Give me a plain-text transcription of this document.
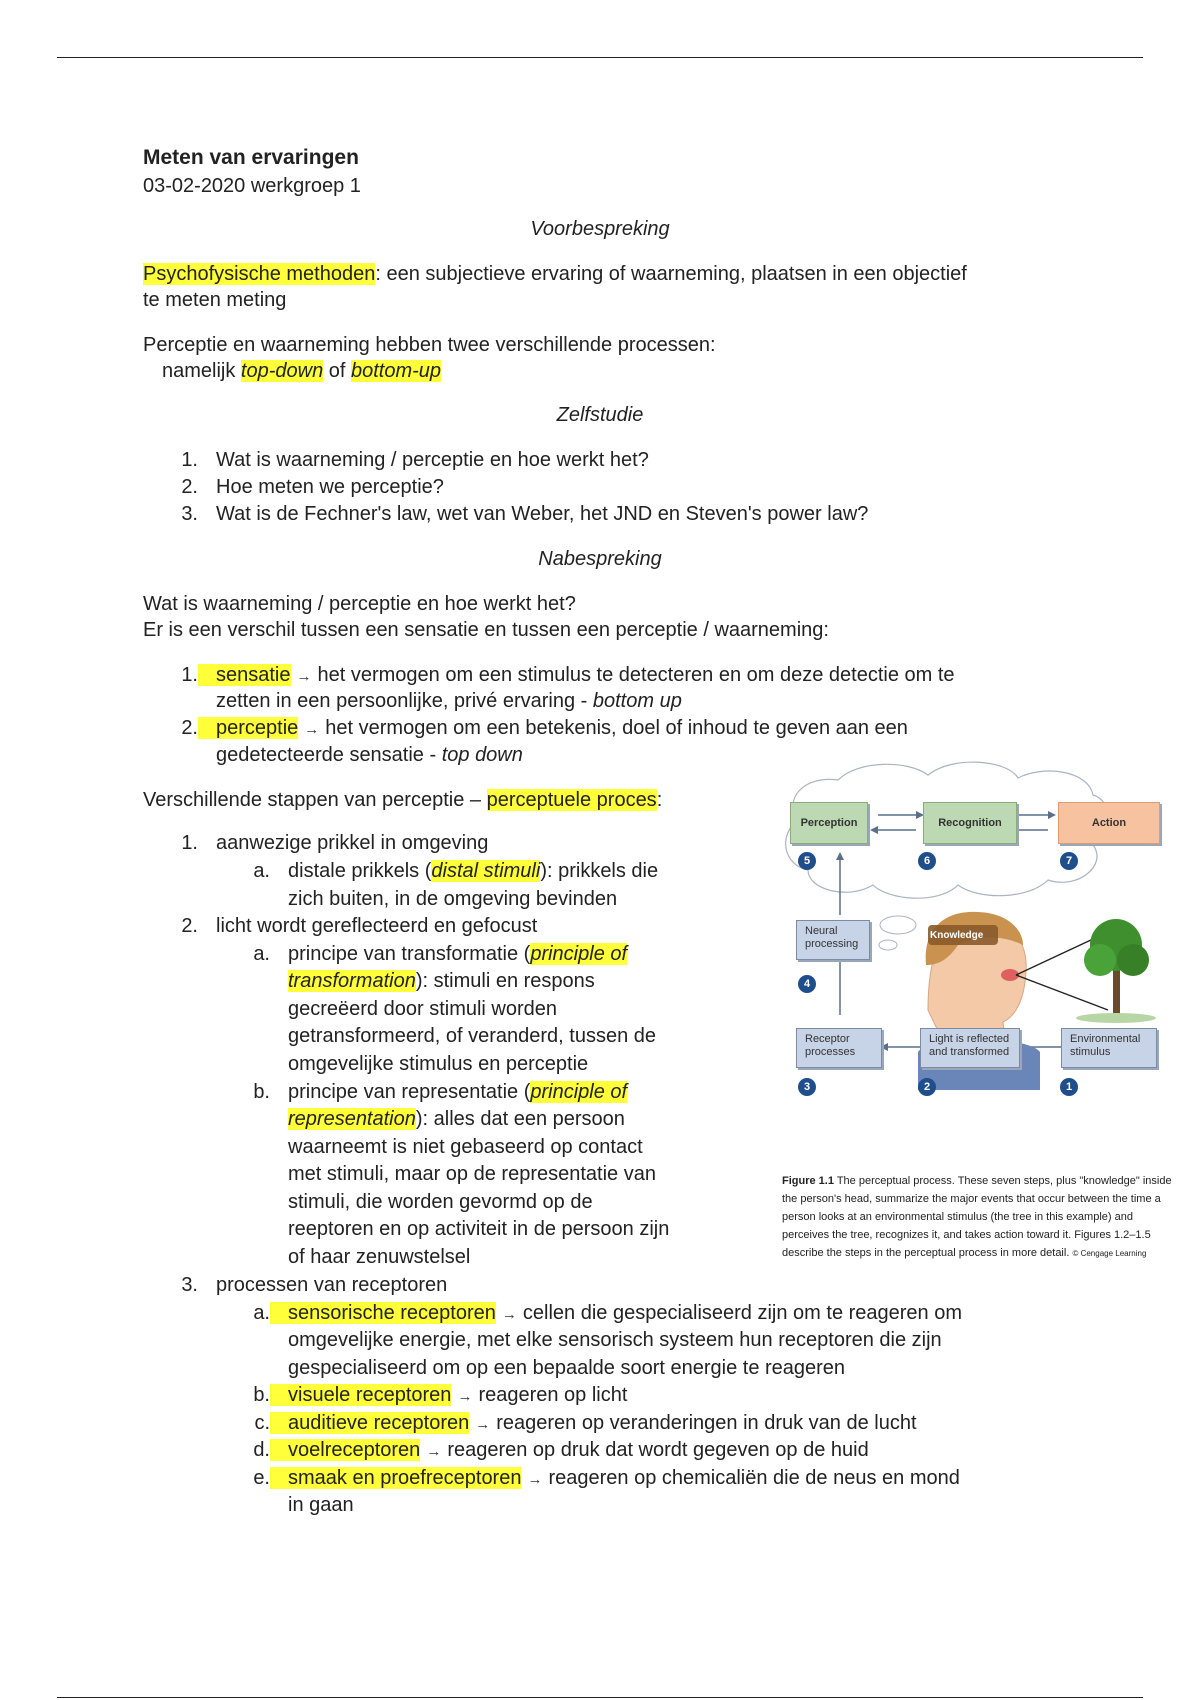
Meten van ervaringen

03-02-2020 werkgroep 1

Voorbespreking

Psychofysische methoden: een subjectieve ervaring of waarneming, plaatsen in een objectief

te meten meting

Perceptie en waarneming hebben twee verschillende processen:

namelijk top-down of bottom-up

Zelfstudie

1. Wat is waarneming / perceptie en hoe werkt het?

2. Hoe meten we perceptie?

3. Wat is de Fechner's law, wet van Weber, het JND en Steven's power law?

Nabespreking

Wat is waarneming / perceptie en hoe werkt het?

Er is een verschil tussen een sensatie en tussen een perceptie / waarneming:

1. sensatie → het vermogen om een stimulus te detecteren en om deze detectie om te

zetten in een persoonlijke, privé ervaring - bottom up

2. perceptie → het vermogen om een betekenis, doel of inhoud te geven aan een

gedetecteerde sensatie - top down

Verschillende stappen van perceptie – perceptuele proces:

1. aanwezige prikkel in omgeving

a. distale prikkels (distal stimuli): prikkels die

zich buiten, in de omgeving bevinden

2. licht wordt gereflecteerd en gefocust

a. principe van transformatie (principle of

transformation): stimuli en respons

gecreëerd door stimuli worden

getransformeerd, of veranderd, tussen de

omgevelijke stimulus en perceptie

b. principe van representatie (principle of

representation): alles dat een persoon

waarneemt is niet gebaseerd op contact

met stimuli, maar op de representatie van

stimuli, die worden gevormd op de

reeptoren en op activiteit in de persoon zijn

of haar zenuwstelsel

3. processen van receptoren

a. sensorische receptoren → cellen die gespecialiseerd zijn om te reageren om

omgevelijke energie, met elke sensorisch systeem hun receptoren die zijn

gespecialiseerd om op een bepaalde soort energie te reageren

b. visuele receptoren → reageren op licht

c. auditieve receptoren → reageren op veranderingen in druk van de lucht

d. voelreceptoren → reageren op druk dat wordt gegeven op de huid

e. smaak en proefreceptoren → reageren op chemicaliën die de neus en mond

in gaan

Perception	Recognition	Action
Neural processing
Knowledge
Receptor processes
Light is reflected and transformed
Environmental stimulus
5	6	7
4
3	2	1
Figure 1.1 The perceptual process. These seven steps, plus "knowledge" inside the person's head, summarize the major events that occur between the time a person looks at an environmental stimulus (the tree in this example) and perceives the tree, recognizes it, and takes action toward it. Figures 1.2–1.5 describe the steps in the perceptual process in more detail. © Cengage Learning
